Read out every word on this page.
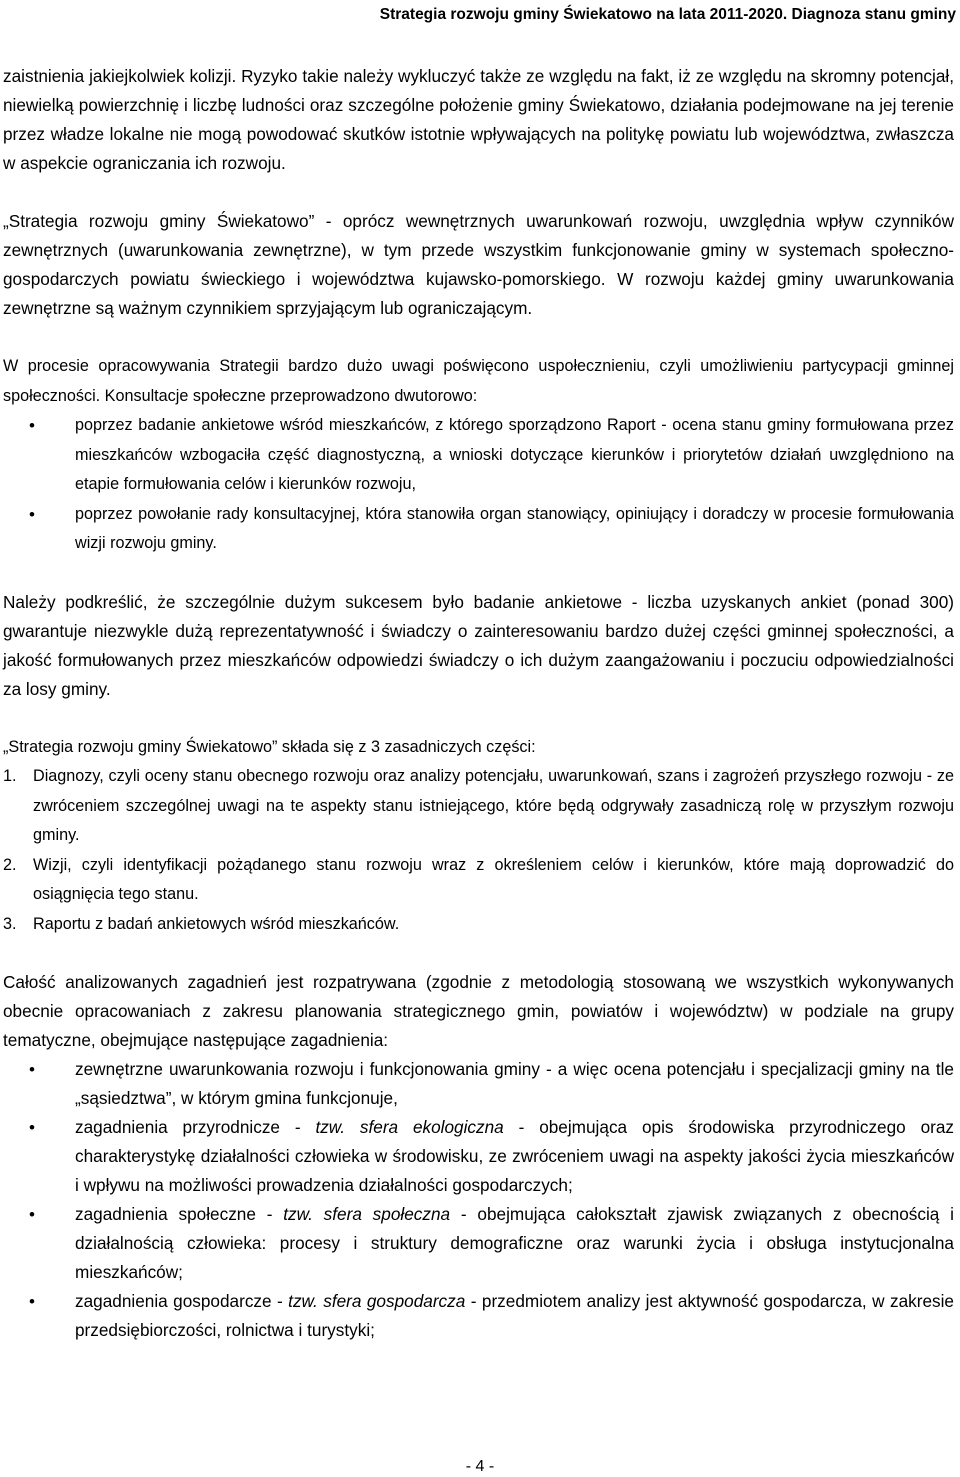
Strategia rozwoju gminy Świekatowo na lata 2011-2020. Diagnoza stanu gminy

zaistnienia jakiejkolwiek kolizji. Ryzyko takie należy wykluczyć także ze względu na fakt, iż ze względu na skromny potencjał, niewielką powierzchnię i liczbę ludności oraz szczególne położenie gminy Świekatowo, działania podejmowane na jej terenie przez władze lokalne nie mogą powodować skutków istotnie wpływających na politykę powiatu lub województwa, zwłaszcza w aspekcie ograniczania ich rozwoju.

„Strategia rozwoju gminy Świekatowo” - oprócz wewnętrznych uwarunkowań rozwoju, uwzględnia wpływ czynników zewnętrznych (uwarunkowania zewnętrzne), w tym przede wszystkim funkcjonowanie gminy w systemach społeczno-gospodarczych powiatu świeckiego i województwa kujawsko-pomorskiego. W rozwoju każdej gminy uwarunkowania zewnętrzne są ważnym czynnikiem sprzyjającym lub ograniczającym.

W procesie opracowywania Strategii bardzo dużo uwagi poświęcono uspołecznieniu, czyli umożliwieniu partycypacji gminnej społeczności. Konsultacje społeczne przeprowadzono dwutorowo:

• poprzez badanie ankietowe wśród mieszkańców, z którego sporządzono Raport - ocena stanu gminy formułowana przez mieszkańców wzbogaciła część diagnostyczną, a wnioski dotyczące kierunków i priorytetów działań uwzględniono na etapie formułowania celów i kierunków rozwoju,
• poprzez powołanie rady konsultacyjnej, która stanowiła organ stanowiący, opiniujący i doradczy w procesie formułowania wizji rozwoju gminy.

Należy podkreślić, że szczególnie dużym sukcesem było badanie ankietowe - liczba uzyskanych ankiet (ponad 300) gwarantuje niezwykle dużą reprezentatywność i świadczy o zainteresowaniu bardzo dużej części gminnej społeczności, a jakość formułowanych przez mieszkańców odpowiedzi świadczy o ich dużym zaangażowaniu i poczuciu odpowiedzialności za losy gminy.

„Strategia rozwoju gminy Świekatowo” składa się z 3 zasadniczych części:

1. Diagnozy, czyli oceny stanu obecnego rozwoju oraz analizy potencjału, uwarunkowań, szans i zagrożeń przyszłego rozwoju - ze zwróceniem szczególnej uwagi na te aspekty stanu istniejącego, które będą odgrywały zasadniczą rolę w przyszłym rozwoju gminy.
2. Wizji, czyli identyfikacji pożądanego stanu rozwoju wraz z określeniem celów i kierunków, które mają doprowadzić do osiągnięcia tego stanu.
3. Raportu z badań ankietowych wśród mieszkańców.

Całość analizowanych zagadnień jest rozpatrywana (zgodnie z metodologią stosowaną we wszystkich wykonywanych obecnie opracowaniach z zakresu planowania strategicznego gmin, powiatów i województw) w podziale na grupy tematyczne, obejmujące następujące zagadnienia:

• zewnętrzne uwarunkowania rozwoju i funkcjonowania gminy - a więc ocena potencjału i specjalizacji gminy na tle „sąsiedztwa”, w którym gmina funkcjonuje,
• zagadnienia przyrodnicze - tzw. sfera ekologiczna - obejmująca opis środowiska przyrodniczego oraz charakterystykę działalności człowieka w środowisku, ze zwróceniem uwagi na aspekty jakości życia mieszkańców i wpływu na możliwości prowadzenia działalności gospodarczych;
• zagadnienia społeczne - tzw. sfera społeczna - obejmująca całokształt zjawisk związanych z obecnością i działalnością człowieka: procesy i struktury demograficzne oraz warunki życia i obsługa instytucjonalna mieszkańców;
• zagadnienia gospodarcze - tzw. sfera gospodarcza - przedmiotem analizy jest aktywność gospodarcza, w zakresie przedsiębiorczości, rolnictwa i turystyki;
- 4 -
